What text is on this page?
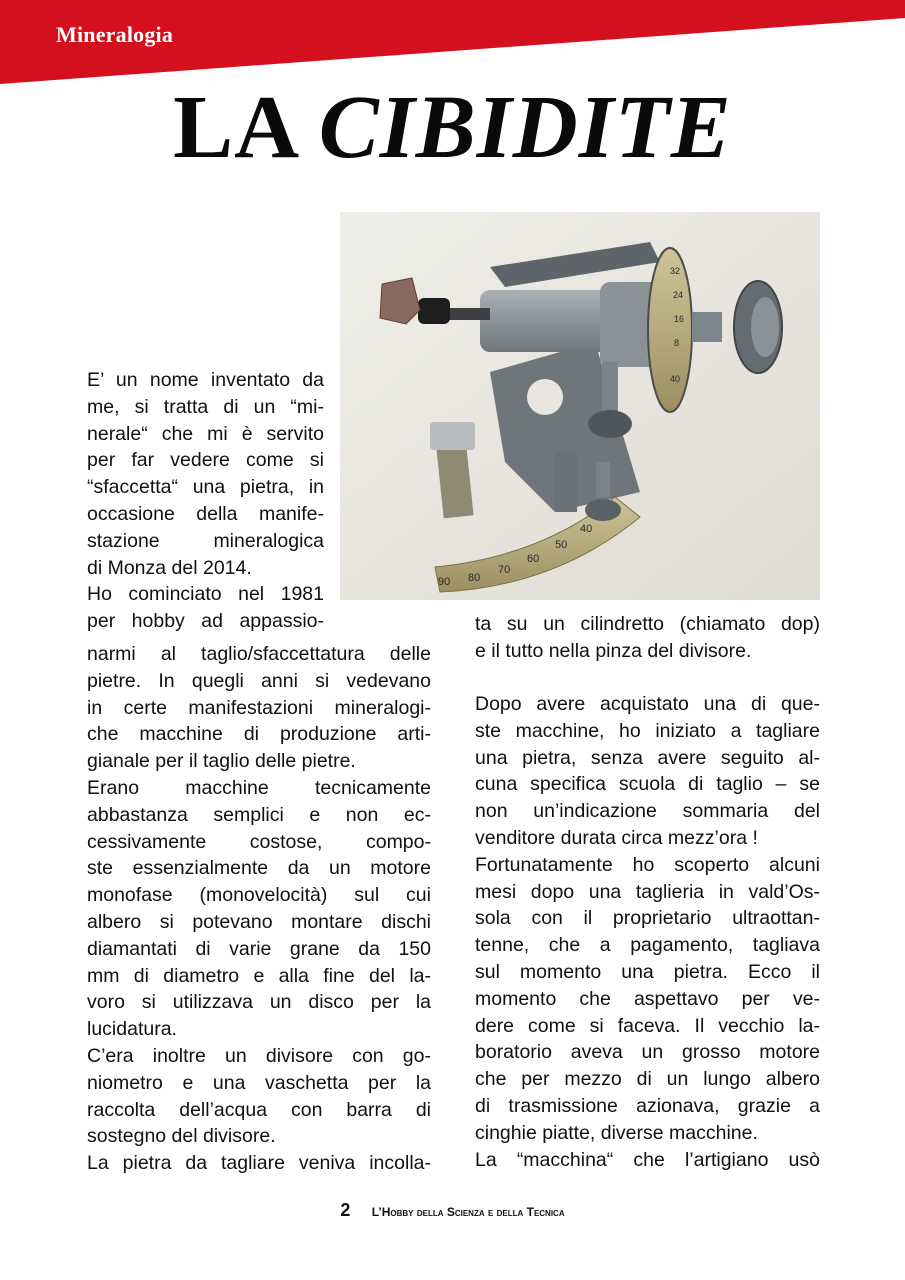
Mineralogia
LA CIBIDITE
90 80
70
60
50
40
32
24
16
8
40
E’ un nome inventato da
me, si tratta di un “mi-
nerale“ che mi è servito
per far vedere come si
“sfaccetta“ una pietra, in
occasione della manife-
stazione mineralogica
di Monza del 2014.
Ho cominciato nel 1981
per hobby ad appassio-
narmi al taglio/sfaccettatura delle
pietre. In quegli anni si vedevano
in certe manifestazioni mineralogi-
che macchine di produzione arti-
gianale per il taglio delle pietre.
Erano macchine tecnicamente
abbastanza semplici e non ec-
cessivamente costose, compo-
ste essenzialmente da un motore
monofase (monovelocità) sul cui
albero si potevano montare dischi
diamantati di varie grane da 150
mm di diametro e alla fine del la-
voro si utilizzava un disco per la
lucidatura.
C’era inoltre un divisore con go-
niometro e una vaschetta per la
raccolta dell’acqua con barra di
sostegno del divisore.
La pietra da tagliare veniva incolla-
ta su un cilindretto (chiamato dop)
e il tutto nella pinza del divisore.
Dopo avere acquistato una di que-
ste macchine, ho iniziato a tagliare
una pietra, senza avere seguito al-
cuna specifica scuola di taglio – se
non un’indicazione sommaria del
venditore durata circa mezz’ora !
Fortunatamente ho scoperto alcuni
mesi dopo una taglieria in vald’Os-
sola con il proprietario ultraottan-
tenne, che a pagamento, tagliava
sul momento una pietra. Ecco il
momento che aspettavo per ve-
dere come si faceva. Il vecchio la-
boratorio aveva un grosso motore
che per mezzo di un lungo albero
di trasmissione azionava, grazie a
cinghie piatte, diverse macchine.
La “macchina“ che l’artigiano usò
2 L’Hobby della Scienza e della Tecnica
